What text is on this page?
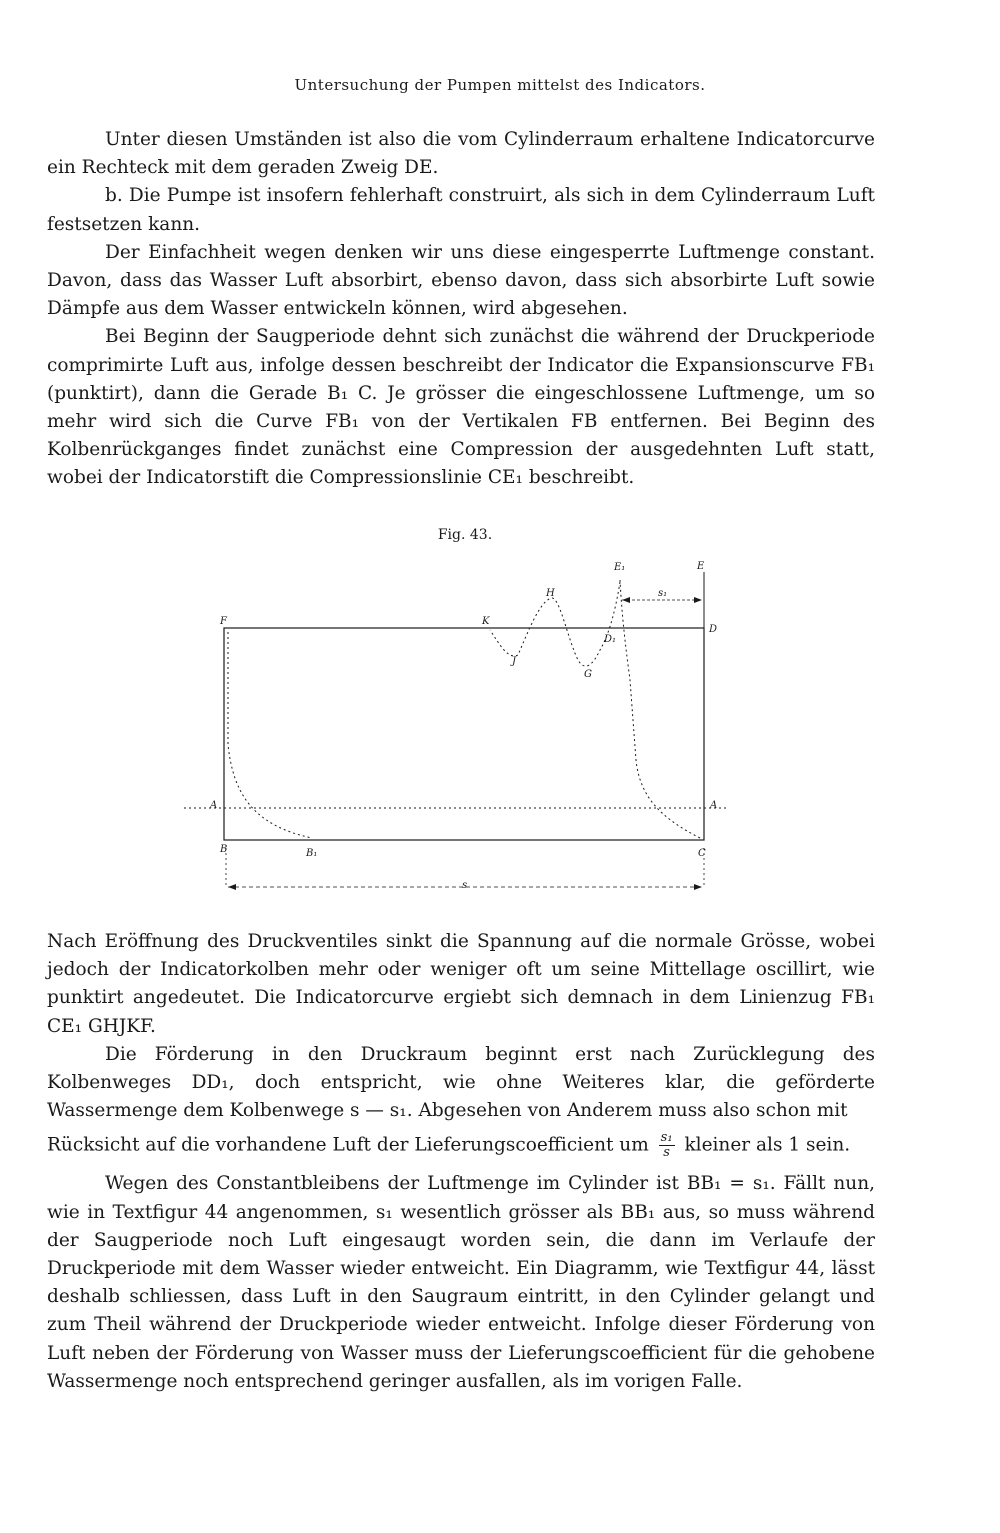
Untersuchung der Pumpen mittelst des Indicators.

Unter diesen Umständen ist also die vom Cylinderraum erhaltene Indicatorcurve ein Rechteck mit dem geraden Zweig DE.

b. Die Pumpe ist insofern fehlerhaft construirt, als sich in dem Cylinderraum Luft festsetzen kann.

Der Einfachheit wegen denken wir uns diese eingesperrte Luftmenge constant. Davon, dass das Wasser Luft absorbirt, ebenso davon, dass sich absorbirte Luft sowie Dämpfe aus dem Wasser entwickeln können, wird abgesehen.

Bei Beginn der Saugperiode dehnt sich zunächst die während der Druckperiode comprimirte Luft aus, infolge dessen beschreibt der Indicator die Expansionscurve FB₁ (punktirt), dann die Gerade B₁ C. Je grösser die eingeschlossene Luftmenge, um so mehr wird sich die Curve FB₁ von der Vertikalen FB entfernen. Bei Beginn des Kolbenrückganges findet zunächst eine Compression der ausgedehnten Luft statt, wobei der Indicatorstift die Compressionslinie CE₁ beschreibt.

Fig. 43.
F	K
H
J
G
D₁
E₁	E
D
s₁
A	A
B	B₁	C
s

Nach Eröffnung des Druckventiles sinkt die Spannung auf die normale Grösse, wobei jedoch der Indicatorkolben mehr oder weniger oft um seine Mittellage oscillirt, wie punktirt angedeutet. Die Indicatorcurve ergiebt sich demnach in dem Linienzug FB₁ CE₁ GHJKF.

Die Förderung in den Druckraum beginnt erst nach Zurücklegung des Kolbenweges DD₁, doch entspricht, wie ohne Weiteres klar, die geförderte Wassermenge dem Kolbenwege s — s₁. Abgesehen von Anderem muss also schon mit

Rücksicht auf die vorhandene Luft der Lieferungscoefficient um $\frac{\text{s₁}}{s}$ kleiner als 1 sein.

Wegen des Constantbleibens der Luftmenge im Cylinder ist BB₁ = s₁. Fällt nun, wie in Textfigur 44 angenommen, s₁ wesentlich grösser als BB₁ aus, so muss während der Saugperiode noch Luft eingesaugt worden sein, die dann im Verlaufe der Druckperiode mit dem Wasser wieder entweicht. Ein Diagramm, wie Textfigur 44, lässt deshalb schliessen, dass Luft in den Saugraum eintritt, in den Cylinder gelangt und zum Theil während der Druckperiode wieder entweicht. Infolge dieser Förderung von Luft neben der Förderung von Wasser muss der Lieferungscoefficient für die gehobene Wassermenge noch entsprechend geringer ausfallen, als im vorigen Falle.
